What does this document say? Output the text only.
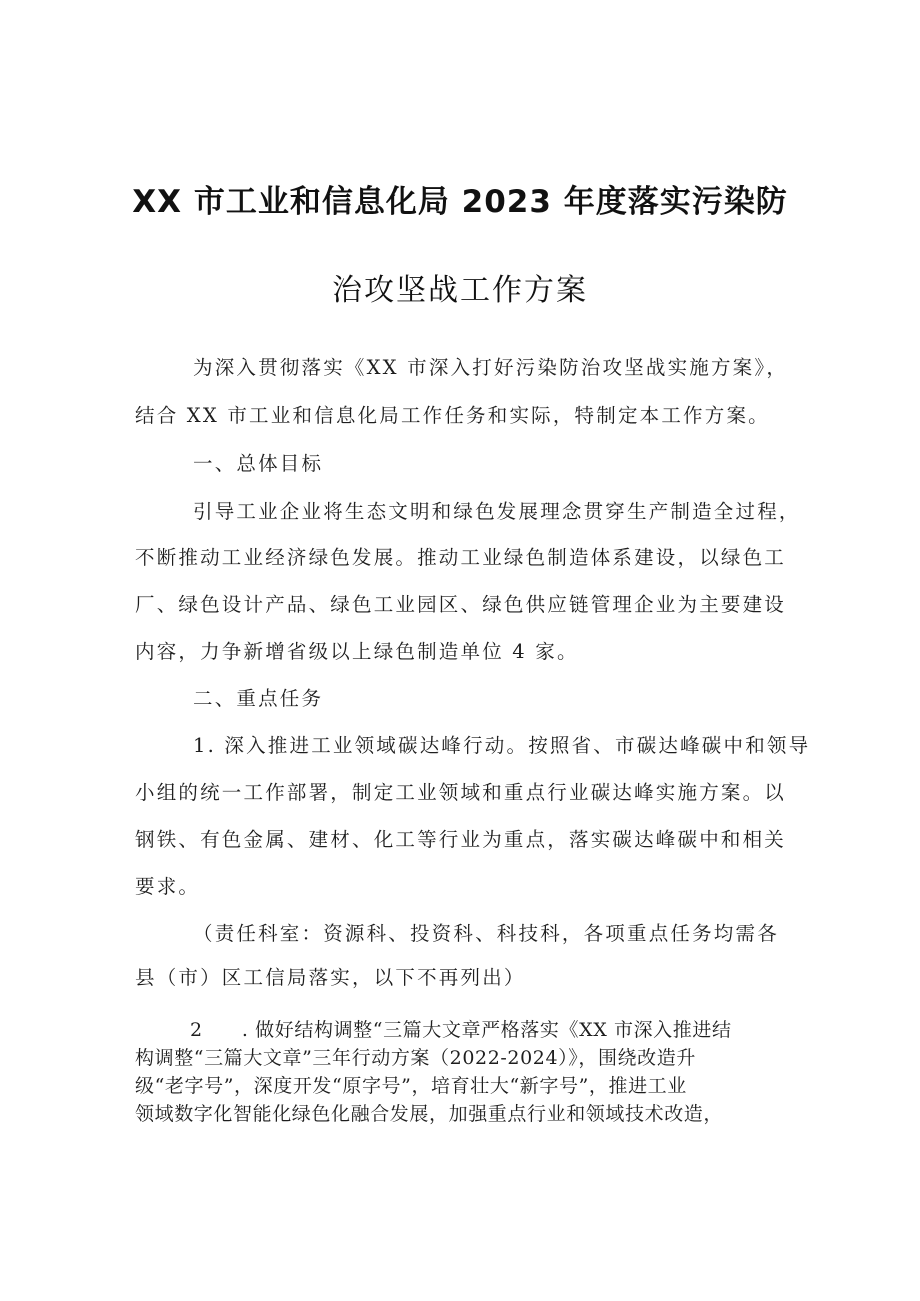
XX 市工业和信息化局 2023 年度落实污染防
治攻坚战工作方案
为深入贯彻落实《XX 市深入打好污染防治攻坚战实施方案》，
结合 XX 市工业和信息化局工作任务和实际，特制定本工作方案。
一、总体目标
引导工业企业将生态文明和绿色发展理念贯穿生产制造全过程，
不断推动工业经济绿色发展。推动工业绿色制造体系建设，以绿色工
厂、绿色设计产品、绿色工业园区、绿色供应链管理企业为主要建设
内容，力争新增省级以上绿色制造单位 4 家。
二、重点任务
1. 深入推进工业领域碳达峰行动。按照省、市碳达峰碳中和领导
小组的统一工作部署，制定工业领域和重点行业碳达峰实施方案。以
钢铁、有色金属、建材、化工等行业为重点，落实碳达峰碳中和相关
要求。
（责任科室：资源科、投资科、科技科，各项重点任务均需各
县（市）区工信局落实，以下不再列出）
2　　. 做好结构调整“三篇大文章严格落实《XX 市深入推进结
构调整“三篇大文章”三年行动方案（2022-2024）》，围绕改造升
级“老字号”，深度开发“原字号”，培育壮大“新字号”，推进工业
领域数字化智能化绿色化融合发展，加强重点行业和领域技术改造，
